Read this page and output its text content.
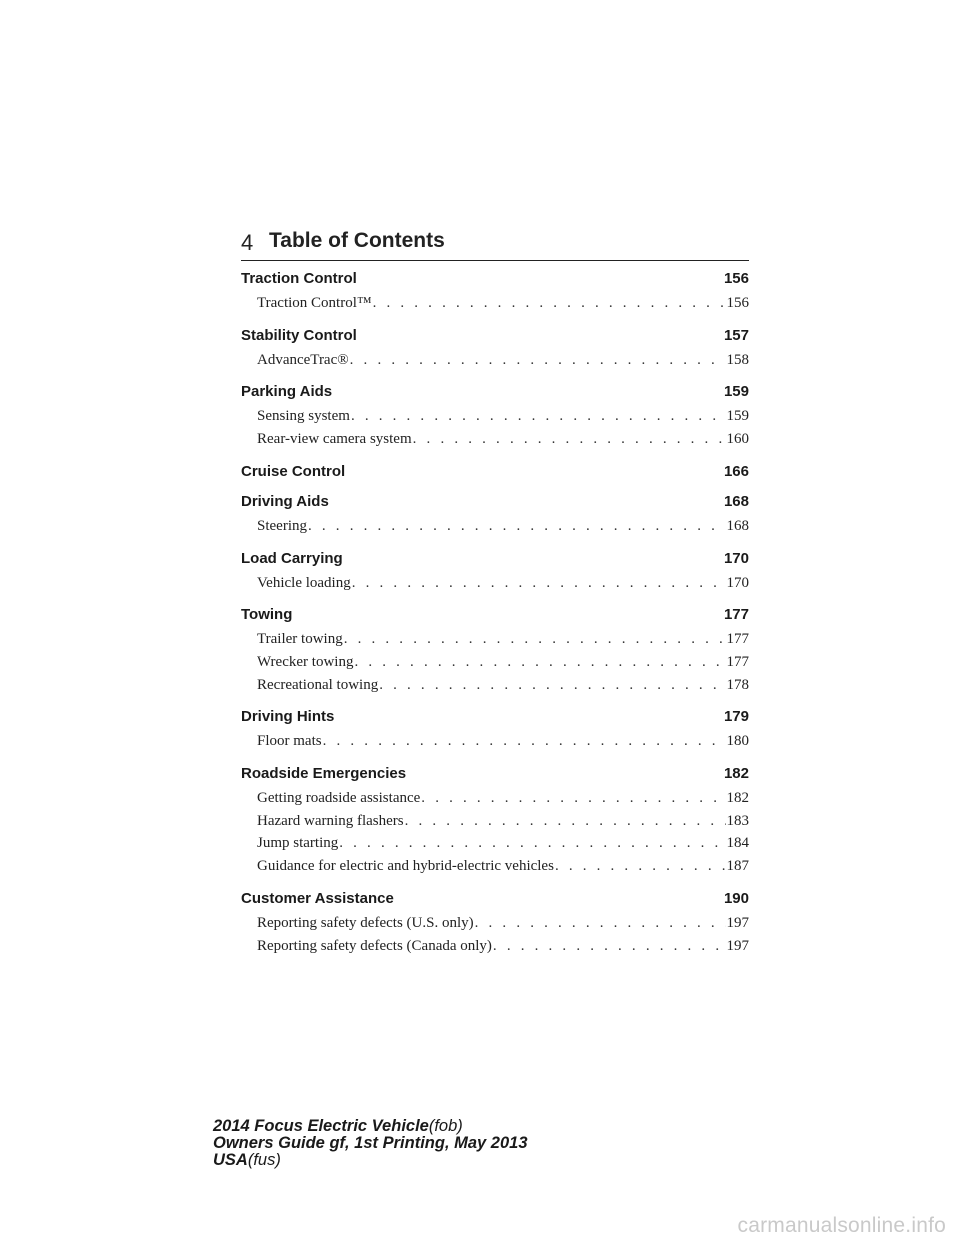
4 Table of Contents
Traction Control	156
Traction Control™ . . .	156
Stability Control	157
AdvanceTrac® . . .	158
Parking Aids	159
Sensing system . . .	159
Rear-view camera system . . .	160
Cruise Control	166
Driving Aids	168
Steering . . .	168
Load Carrying	170
Vehicle loading . . .	170
Towing	177
Trailer towing . . .	177
Wrecker towing . . .	177
Recreational towing . . .	178
Driving Hints	179
Floor mats . . .	180
Roadside Emergencies	182
Getting roadside assistance . . .	182
Hazard warning flashers . . .	183
Jump starting . . .	184
Guidance for electric and hybrid-electric vehicles . . .	187
Customer Assistance	190
Reporting safety defects (U.S. only) . . .	197
Reporting safety defects (Canada only) . . .	197
2014 Focus Electric Vehicle(fob)
Owners Guide gf, 1st Printing, May 2013
USA(fus)
carmanualsonline.info
